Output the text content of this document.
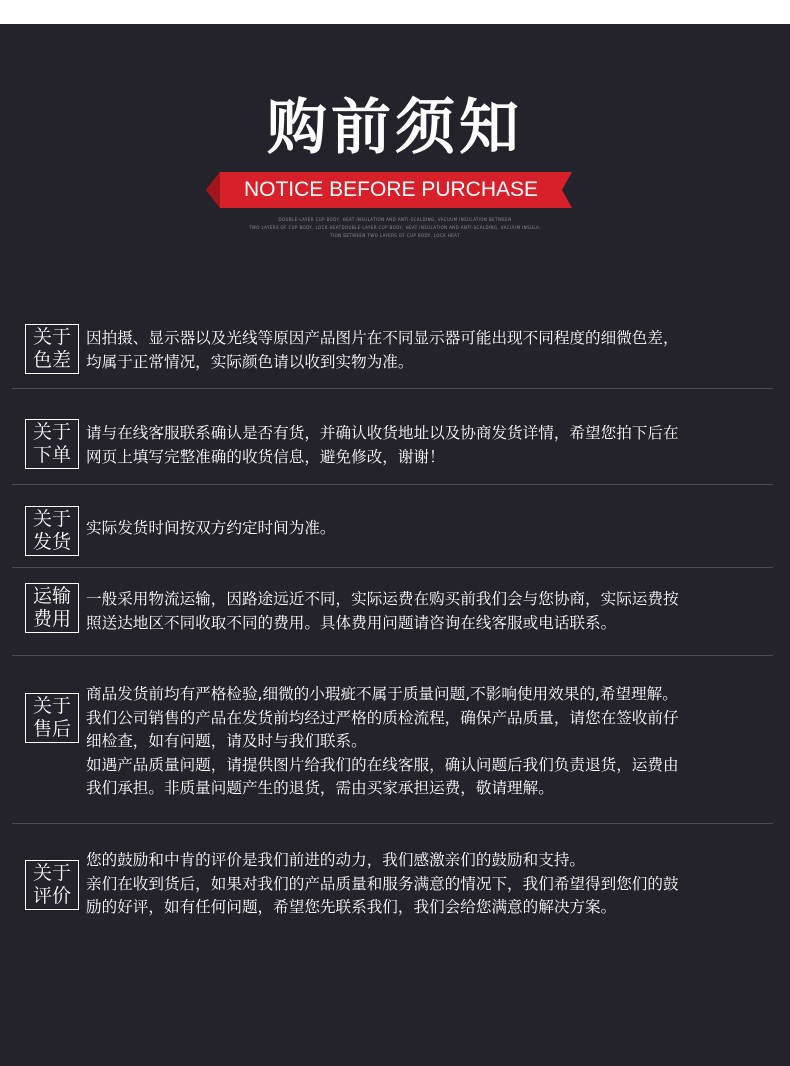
购前须知
NOTICE BEFORE PURCHASE
DOUBLE-LAYER CUP BODY, HEAT INSULATION AND ANTI-SCALDING, VACUUM INSULATION BETWEEN
TWO LAYERS OF CUP BODY, LOCK HEATDOUBLE-LAYER CUP BODY, HEAT INSULATION AND ANTI-SCALDING, VACUUM INSULA-
TION BETWEEN TWO LAYERS OF CUP BODY, LOCK HEAT
关于
色差

因拍摄、显示器以及光线等原因产品图片在不同显示器可能出现不同程度的细微色差，

均属于正常情况，实际颜色请以收到实物为准。

关于
下单

请与在线客服联系确认是否有货，并确认收货地址以及协商发货详情，希望您拍下后在

网页上填写完整准确的收货信息，避免修改，谢谢！

关于
发货

实际发货时间按双方约定时间为准。

运输
费用

一般采用物流运输，因路途远近不同，实际运费在购买前我们会与您协商，实际运费按

照送达地区不同收取不同的费用。具体费用问题请咨询在线客服或电话联系。

关于
售后

商品发货前均有严格检验,细微的小瑕疵不属于质量问题,不影响使用效果的,希望理解。

我们公司销售的产品在发货前均经过严格的质检流程，确保产品质量，请您在签收前仔

细检查，如有问题，请及时与我们联系。

如遇产品质量问题，请提供图片给我们的在线客服，确认问题后我们负责退货，运费由

我们承担。非质量问题产生的退货，需由买家承担运费，敬请理解。

关于
评价

您的鼓励和中肯的评价是我们前进的动力，我们感激亲们的鼓励和支持。

亲们在收到货后，如果对我们的产品质量和服务满意的情况下，我们希望得到您们的鼓

励的好评，如有任何问题，希望您先联系我们，我们会给您满意的解决方案。
